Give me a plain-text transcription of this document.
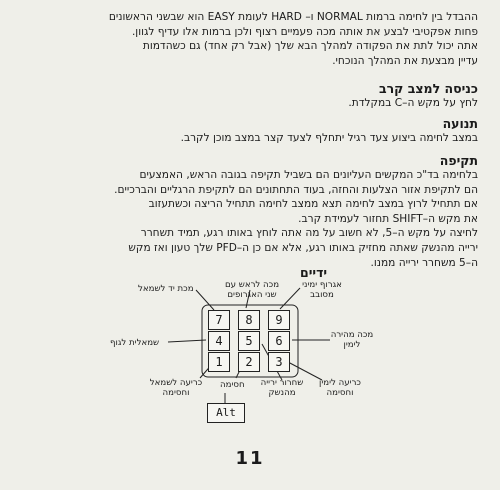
ההבדל בין לחימה ברמות NORMAL ו– HARD לעומת EASY הוא שבשני הראשונים
פחות אפקטיבי לבצע את אותה מכה פעמיים רצוף ולכן ברמות אלו עדיף לגוון.
אתה יכול לתת את הפקודה למהלך הבא שלך (אבל רק אחד) גם כשהדמות
עדיין מבצעת את המהלך הנוכחי.
כניסה למצב קרב
לחץ על מקש ה–C במקלדת.
תנועה
במצב לחימה ביצוע צעד רגיל יתחלף לצעד קצר במצב מוכן לקרב.
תקיפה
בלחימה בד"כ המקשים העליונים הם בשביל תקיפה בגובה הראש, האמצעים
הם לתקיפת אזור הצלעות והחזה, בעוד התחתונים הם לתקיפת הרגליים והברכיים.
אם תתחיל לרוץ במצב לחימה תצא ממצב לחימה תתחיל הריצה וכשתעזוב
את מקש ה–SHIFT תחזור לעמידת קרב.
לחיצה על מקש ה–5, לא חשוב על מה אתה לוחץ באותו רגע, תמיד תשחרר
ירייה מהנשק שאתה מחזיק באותו רגע, אלא אם כן ה–PFD שלך טעון ואז מקש
ה–5 משחרר ירייה ממנו.
ידיים
7	8	9
4	5	6
1	2	3
Alt
מכת יד לשמאל	מכה לראש עם שני האגרופים
אגרוף ימיני מסובב
שמאלית לגוף
מכה מהירה לימין
כריעה לשמאל וחסימה
חסימה	שחרור ירייה מהנשק
כריעה לימין וחסימה
11
